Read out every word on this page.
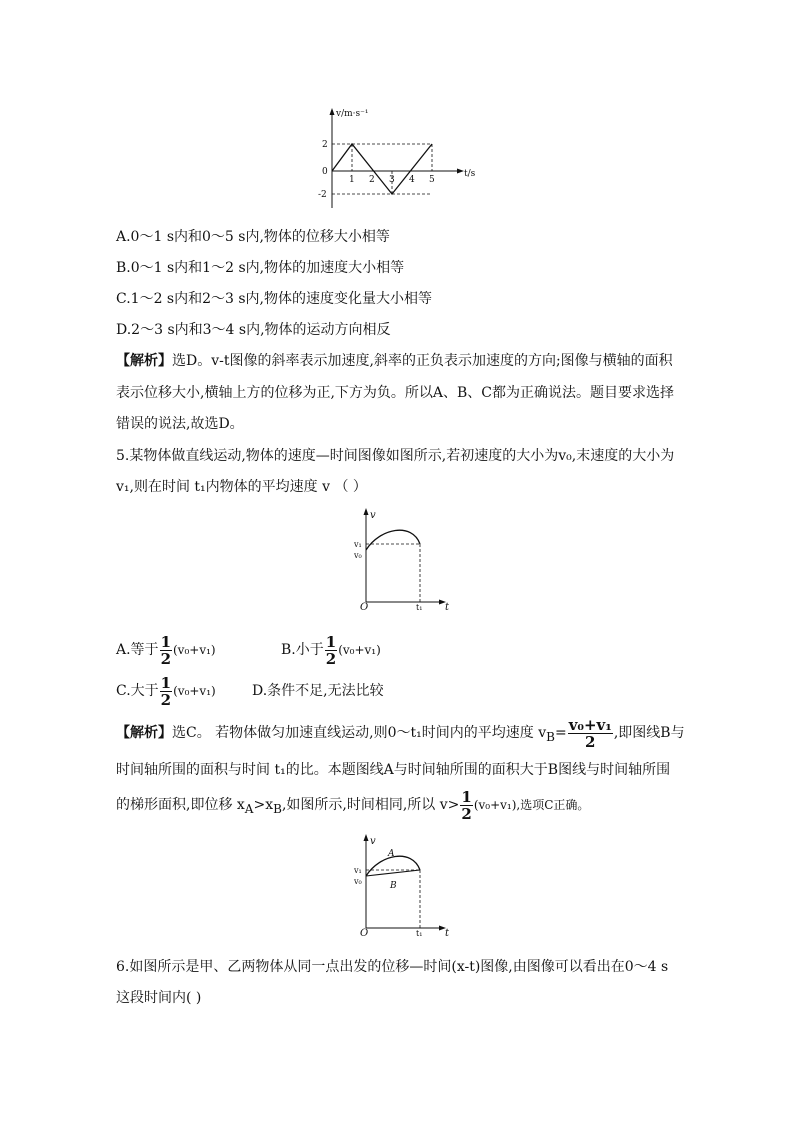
v/m·s⁻¹
t/s
2
0
-2
1 2 3 4 5
A.0～1 s内和0～5 s内,物体的位移大小相等
B.0～1 s内和1～2 s内,物体的加速度大小相等
C.1～2 s内和2～3 s内,物体的速度变化量大小相等
D.2～3 s内和3～4 s内,物体的运动方向相反
【解析】选D。v-t图像的斜率表示加速度,斜率的正负表示加速度的方向;图像与横轴的面积
表示位移大小,横轴上方的位移为正,下方为负。所以A、B、C都为正确说法。题目要求选择
错误的说法,故选D。
5.某物体做直线运动,物体的速度—时间图像如图所示,若初速度的大小为v₀,末速度的大小为
v₁,则在时间 t₁内物体的平均速度 v （ ）
v
t
v₁
v₀
O	t₁
A.等于 $\frac{1}{2} (v_0+v_1)$	B.小于 $\frac{1}{2} (v_0+v_1)$
C.大于 $\frac{1}{2} (v_0+v_1)$	D.条件不足,无法比较
【解析】选C。 若物体做匀加速直线运动,则0～t₁时间内的平均速度 $v_B= \frac{\text{v₀+v₁}}{2}$ ,即图线B与
时间轴所围的面积与时间 t₁的比。本题图线A与时间轴所围的面积大于B图线与时间轴所围
的梯形面积,即位移 $x_A>x_B$,如图所示,时间相同,所以 $v> \frac{1}{2} (v_0+v_1)$,选项C正确。
v
t
A
B
v₁
v₀
O	t₁
6.如图所示是甲、乙两物体从同一点出发的位移—时间(x-t)图像,由图像可以看出在0～4 s
这段时间内( )
